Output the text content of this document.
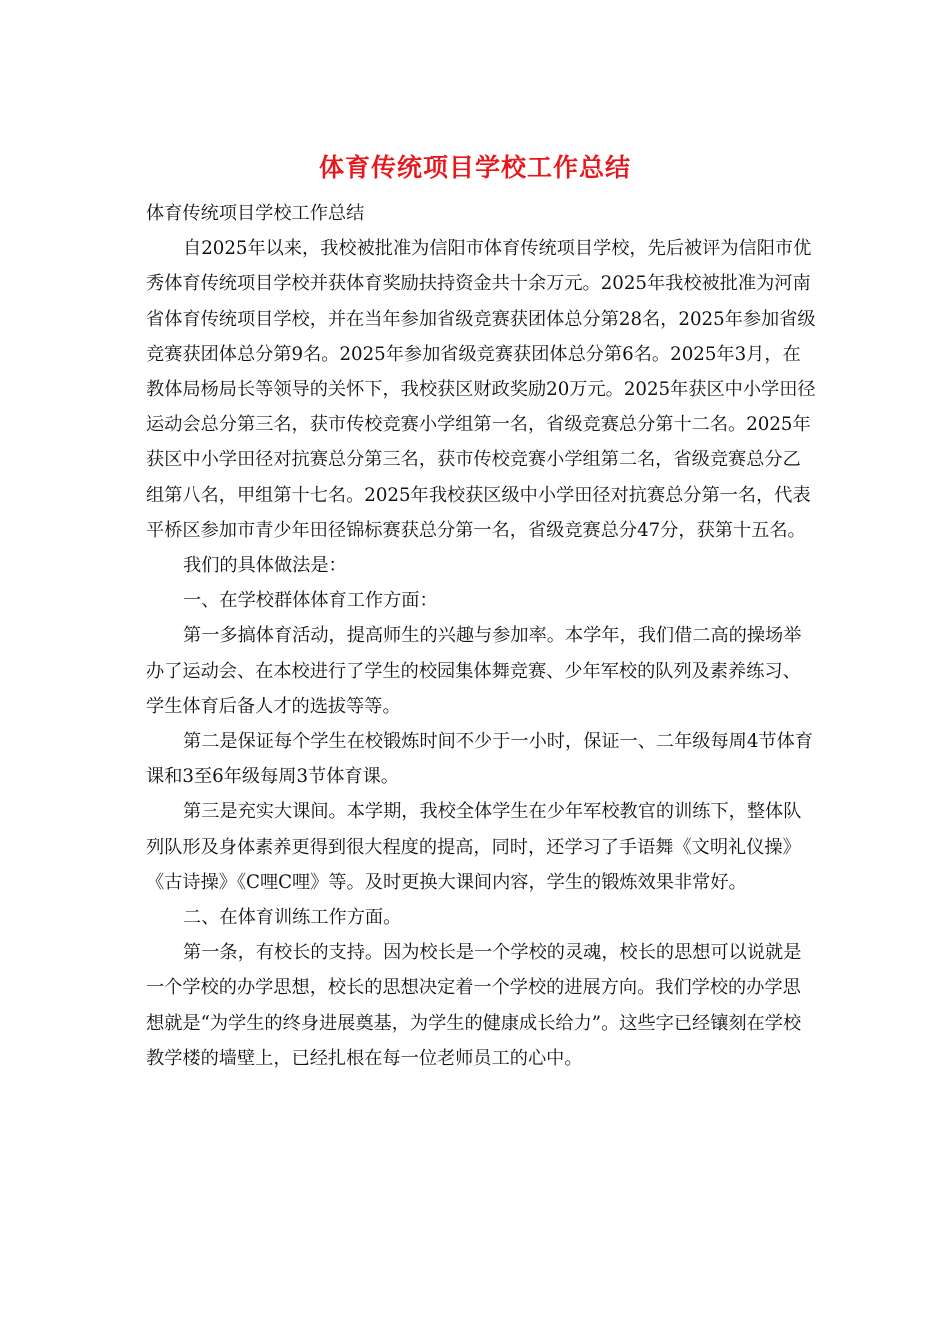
体育传统项目学校工作总结

体育传统项目学校工作总结

自2025年以来，我校被批准为信阳市体育传统项目学校，先后被评为信阳市优秀体育传统项目学校并获体育奖励扶持资金共十余万元。2025年我校被批准为河南省体育传统项目学校，并在当年参加省级竞赛获团体总分第28名，2025年参加省级竞赛获团体总分第9名。2025年参加省级竞赛获团体总分第6名。2025年3月，在教体局杨局长等领导的关怀下，我校获区财政奖励20万元。2025年获区中小学田径运动会总分第三名，获市传校竞赛小学组第一名，省级竞赛总分第十二名。2025年获区中小学田径对抗赛总分第三名，获市传校竞赛小学组第二名，省级竞赛总分乙组第八名，甲组第十七名。2025年我校获区级中小学田径对抗赛总分第一名，代表平桥区参加市青少年田径锦标赛获总分第一名，省级竞赛总分47分，获第十五名。

我们的具体做法是：

一、在学校群体体育工作方面：

第一多搞体育活动，提高师生的兴趣与参加率。本学年，我们借二高的操场举办了运动会、在本校进行了学生的校园集体舞竞赛、少年军校的队列及素养练习、学生体育后备人才的选拔等等。

第二是保证每个学生在校锻炼时间不少于一小时，保证一、二年级每周4节体育课和3至6年级每周3节体育课。

第三是充实大课间。本学期，我校全体学生在少年军校教官的训练下，整体队列队形及身体素养更得到很大程度的提高，同时，还学习了手语舞《文明礼仪操》《古诗操》《C哩C哩》等。及时更换大课间内容，学生的锻炼效果非常好。

二、在体育训练工作方面。

第一条，有校长的支持。因为校长是一个学校的灵魂，校长的思想可以说就是一个学校的办学思想，校长的思想决定着一个学校的进展方向。我们学校的办学思想就是“为学生的终身进展奠基，为学生的健康成长给力”。这些字已经镶刻在学校教学楼的墙壁上，已经扎根在每一位老师员工的心中。
